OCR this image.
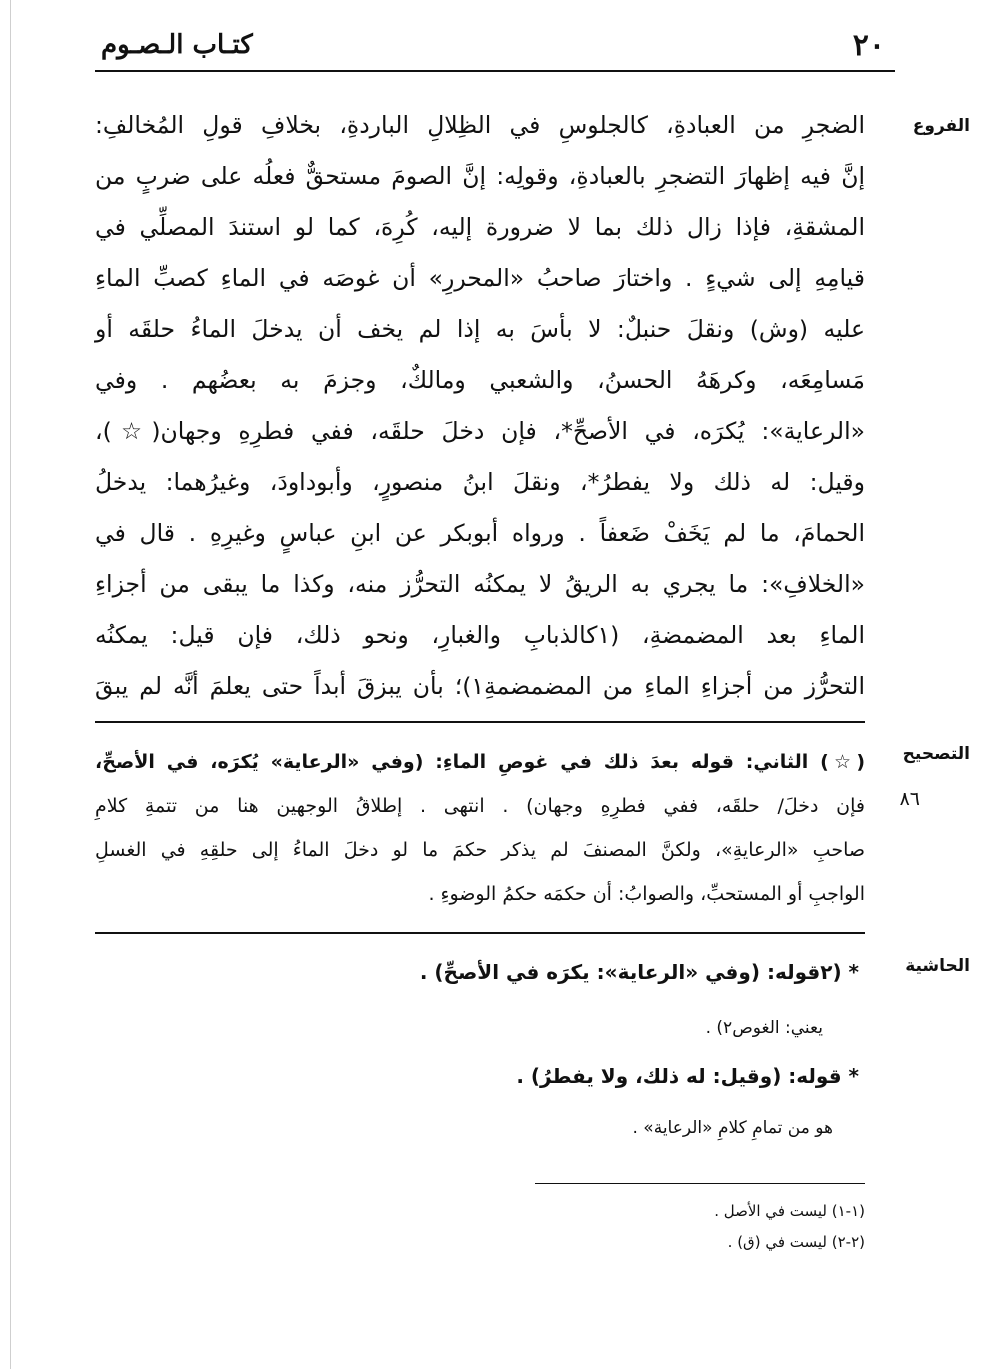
٢٠
كتـاب الـصـوم
الفروع
التصحيح
الحاشية
الضجرِ من العبادةِ، كالجلوسِ في الظِلالِ الباردةِ، بخلافِ قولِ المُخالفِ:
إنَّ فيه إظهارَ التضجرِ بالعبادةِ، وقولِه: إنَّ الصومَ مستحقٌّ فعلُه على ضربٍ من
المشقةِ، فإذا زال ذلك بما لا ضرورة إليه، كُرِهَ، كما لو استندَ المصلِّي في
قيامِهِ إلى شيءٍ . واختارَ صاحبُ «المحررِ» أن غوصَه في الماءِ كصبِّ الماءِ
عليه (وش) ونقلَ حنبلٌ: لا بأسَ به إذا لم يخف أن يدخلَ الماءُ حلقَه أو
مَسامِعَه، وكرهَهُ الحسنُ، والشعبي ومالكٌ، وجزمَ به بعضُهم . وفي
«الرعاية»: يُكرَه، في الأصحِّ*، فإن دخلَ حلقَه، ففي فطرِهِ وجهان(☆)،
وقيل: له ذلك ولا يفطرُ*، ونقلَ ابنُ منصورٍ، وأبوداودَ، وغيرُهما: يدخلُ
الحمامَ، ما لم يَخَفْ ضَعفاً . ورواه أبوبكر عن ابنِ عباسٍ وغيرِهِ . قال في
«الخلافِ»: ما يجري به الريقُ لا يمكنُه التحرُّز منه، وكذا ما يبقى من أجزاءِ
الماءِ بعد المضمضةِ، (١كالذبابِ والغبارِ، ونحو ذلك، فإن قيل: يمكنُه
التحرُّز من أجزاءِ الماءِ من المضمضمةِ١)؛ بأن يبزقَ أبداً حتى يعلمَ أنَّه لم يبقَ
(☆) الثاني: قوله بعدَ ذلك في غوصِ الماءِ: (وفي «الرعاية» يُكرَه، في الأصحِّ،
فإن دخلَ/ حلقَه، ففي فطرِهِ وجهان) . انتهى . إطلاقُ الوجهين هنا من تتمةِ كلامِ
صاحبِ «الرعايةِ»، ولكنَّ المصنفَ لم يذكر حكمَ ما لو دخلَ الماءُ إلى حلقِهِ في الغسلِ
الواجبِ أو المستحبِّ، والصوابُ: أن حكمَه حكمُ الوضوءِ .
٨٦
* (٢قوله: (وفي «الرعاية»: يكرَه في الأصحِّ) .
يعني: الغوص٢) .
* قوله: (وقيل: له ذلك، ولا يفطرُ) .
هو من تمامِ كلامِ «الرعاية» .
(١-١) ليست في الأصل .
(٢-٢) ليست في (ق) .
